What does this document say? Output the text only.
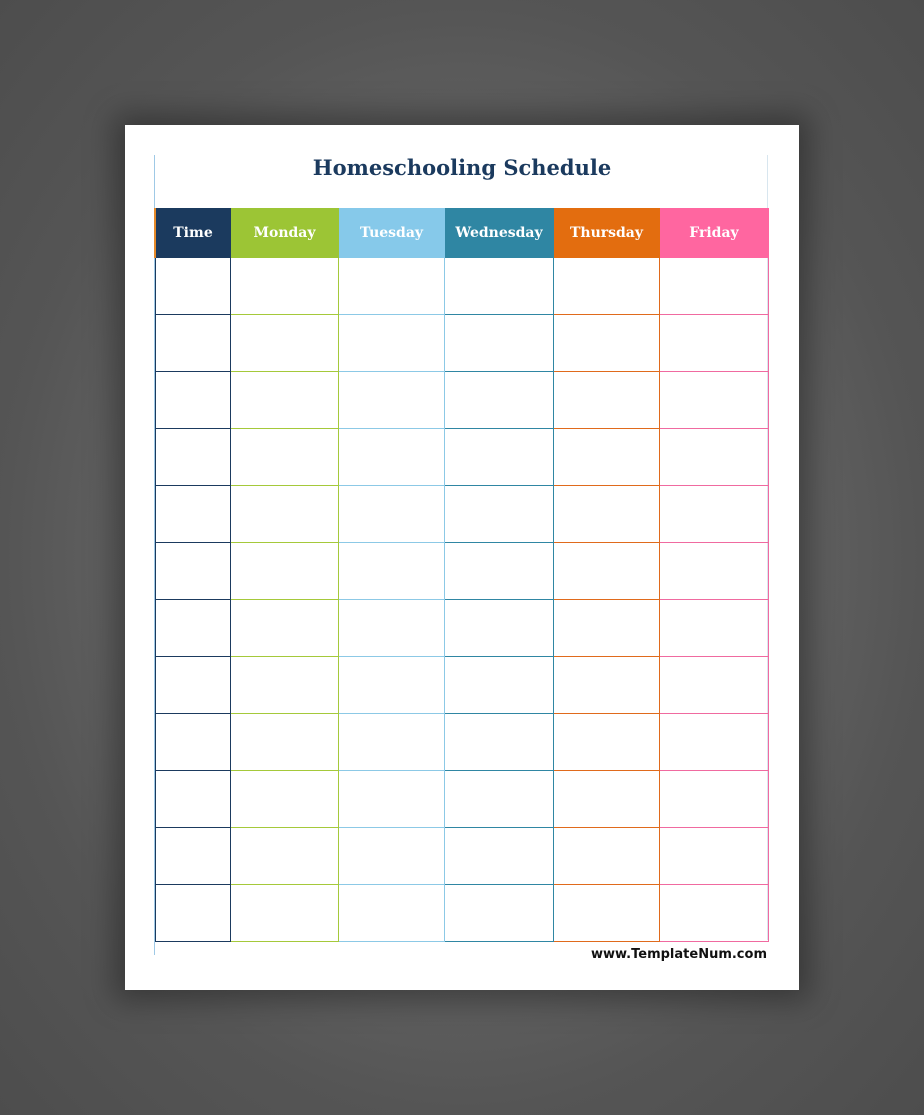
Homeschooling Schedule
Time	Monday	Tuesday	Wednesday	Thursday	Friday

www.TemplateNum.com
